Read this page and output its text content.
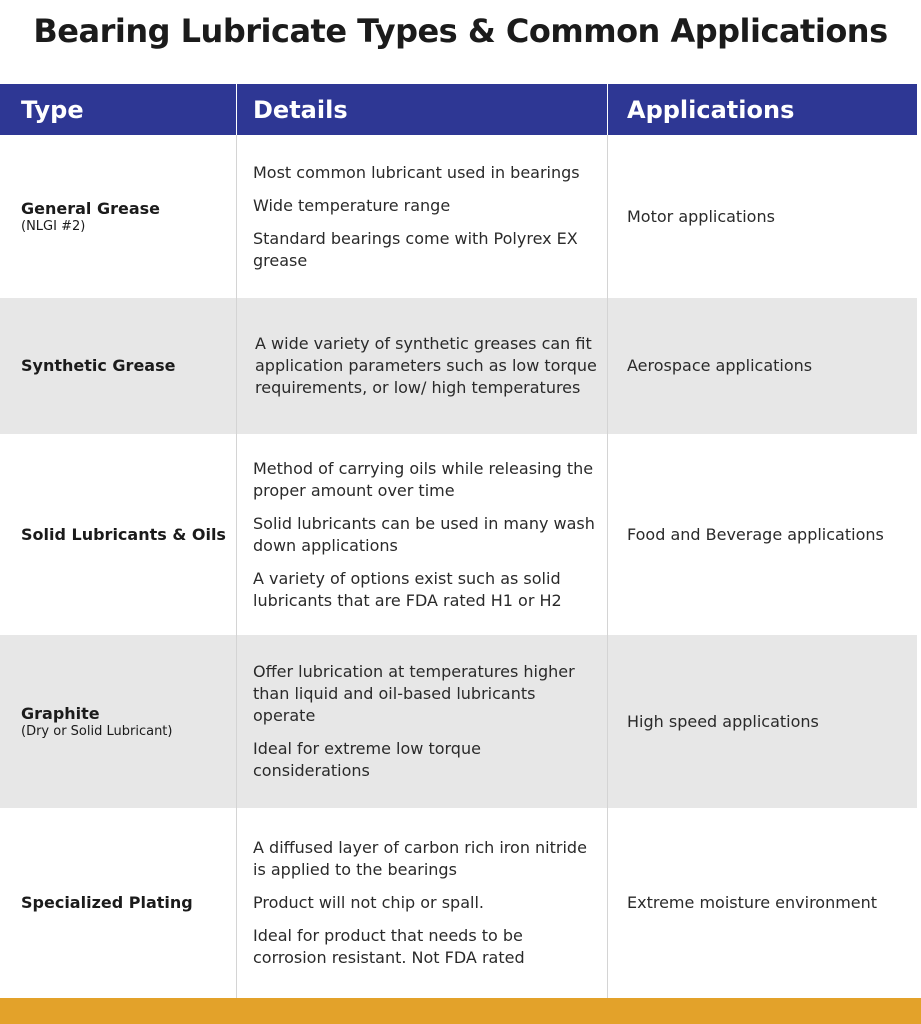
Bearing Lubricate Types & Common Applications
Type	Details	Applications
General Grease
(NLGI #2)

Most common lubricant used in bearings

Wide temperature range

Standard bearings come with Polyrex EX grease

Motor applications
Synthetic Grease

A wide variety of synthetic greases can fit application parameters such as low torque requirements, or low/ high temperatures

Aerospace applications
Solid Lubricants & Oils

Method of carrying oils while releasing the proper amount over time

Solid lubricants can be used in many wash down applications

A variety of options exist such as solid lubricants that are FDA rated H1 or H2

Food and Beverage applications
Graphite
(Dry or Solid Lubricant)

Offer lubrication at temperatures higher than liquid and oil-based lubricants operate

Ideal for extreme low torque considerations

High speed applications
Specialized Plating

A diffused layer of carbon rich iron nitride is applied to the bearings

Product will not chip or spall.

Ideal for product that needs to be corrosion resistant. Not FDA rated

Extreme moisture environment
